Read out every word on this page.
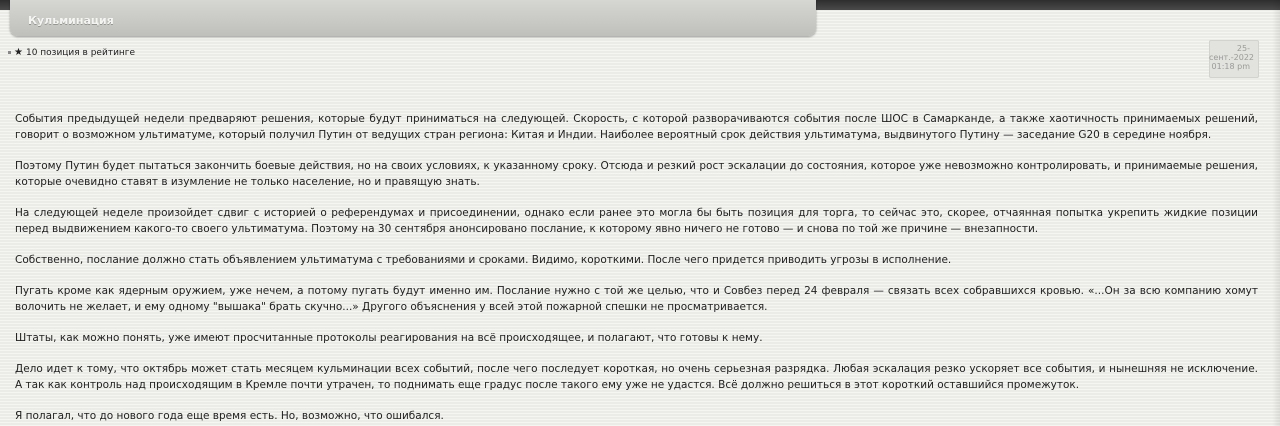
Кульминация
★ 10 позиция в рейтинге	25-
сент.-2022
01:18 pm

События предыдущей недели предваряют решения, которые будут приниматься на следующей. Скорость, с которой разворачиваются события после ШОС в Самарканде, а также хаотичность принимаемых решений, говорит о возможном ультиматуме, который получил Путин от ведущих стран региона: Китая и Индии. Наиболее вероятный срок действия ультиматума, выдвинутого Путину — заседание G20 в середине ноября.

Поэтому Путин будет пытаться закончить боевые действия, но на своих условиях, к указанному сроку. Отсюда и резкий рост эскалации до состояния, которое уже невозможно контролировать, и принимаемые решения, которые очевидно ставят в изумление не только население, но и правящую знать.

На следующей неделе произойдет сдвиг с историей о референдумах и присоединении, однако если ранее это могла бы быть позиция для торга, то сейчас это, скорее, отчаянная попытка укрепить жидкие позиции перед выдвижением какого-то своего ультиматума. Поэтому на 30 сентября анонсировано послание, к которому явно ничего не готово — и снова по той же причине — внезапности.

Собственно, послание должно стать объявлением ультиматума с требованиями и сроками. Видимо, короткими. После чего придется приводить угрозы в исполнение.

Пугать кроме как ядерным оружием, уже нечем, а потому пугать будут именно им. Послание нужно с той же целью, что и Совбез перед 24 февраля — связать всех собравшихся кровью. «...Он за всю компанию хомут волочить не желает, и ему одному "вышака" брать скучно...» Другого объяснения у всей этой пожарной спешки не просматривается.

Штаты, как можно понять, уже имеют просчитанные протоколы реагирования на всё происходящее, и полагают, что готовы к нему.

Дело идет к тому, что октябрь может стать месяцем кульминации всех событий, после чего последует короткая, но очень серьезная разрядка. Любая эскалация резко ускоряет все события, и нынешняя не исключение. А так как контроль над происходящим в Кремле почти утрачен, то поднимать еще градус после такого ему уже не удастся. Всё должно решиться в этот короткий оставшийся промежуток.

Я полагал, что до нового года еще время есть. Но, возможно, что ошибался.
